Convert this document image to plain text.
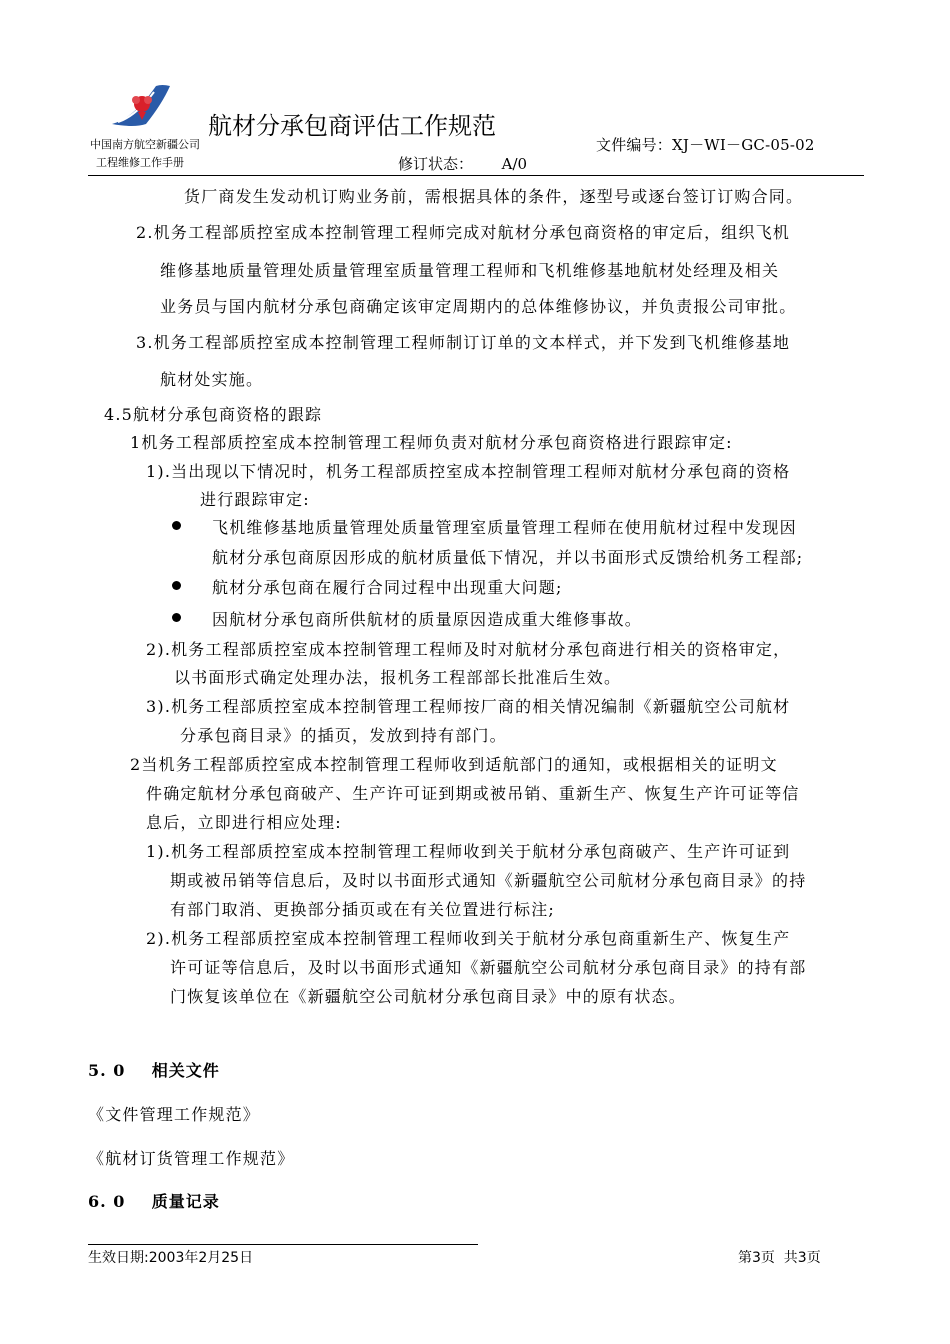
中国南方航空新疆公司
工程维修工作手册
航材分承包商评估工作规范
文件编号：XJ－WI－GC-05-02
修订状态：      A/0
货厂商发生发动机订购业务前，需根据具体的条件，逐型号或逐台签订订购合同。
2.机务工程部质控室成本控制管理工程师完成对航材分承包商资格的审定后，组织飞机
维修基地质量管理处质量管理室质量管理工程师和飞机维修基地航材处经理及相关
业务员与国内航材分承包商确定该审定周期内的总体维修协议，并负责报公司审批。
3.机务工程部质控室成本控制管理工程师制订订单的文本样式，并下发到飞机维修基地
航材处实施。
4.5航材分承包商资格的跟踪
1机务工程部质控室成本控制管理工程师负责对航材分承包商资格进行跟踪审定:
1).当出现以下情况时，机务工程部质控室成本控制管理工程师对航材分承包商的资格
进行跟踪审定:
飞机维修基地质量管理处质量管理室质量管理工程师在使用航材过程中发现因
航材分承包商原因形成的航材质量低下情况，并以书面形式反馈给机务工程部;
航材分承包商在履行合同过程中出现重大问题;
因航材分承包商所供航材的质量原因造成重大维修事故。
2).机务工程部质控室成本控制管理工程师及时对航材分承包商进行相关的资格审定，
以书面形式确定处理办法，报机务工程部部长批准后生效。
3).机务工程部质控室成本控制管理工程师按厂商的相关情况编制《新疆航空公司航材
分承包商目录》的插页，发放到持有部门。
2当机务工程部质控室成本控制管理工程师收到适航部门的通知，或根据相关的证明文
件确定航材分承包商破产、生产许可证到期或被吊销、重新生产、恢复生产许可证等信
息后，立即进行相应处理:
1).机务工程部质控室成本控制管理工程师收到关于航材分承包商破产、生产许可证到
期或被吊销等信息后，及时以书面形式通知《新疆航空公司航材分承包商目录》的持
有部门取消、更换部分插页或在有关位置进行标注;
2).机务工程部质控室成本控制管理工程师收到关于航材分承包商重新生产、恢复生产
许可证等信息后，及时以书面形式通知《新疆航空公司航材分承包商目录》的持有部
门恢复该单位在《新疆航空公司航材分承包商目录》中的原有状态。
5. 0    相关文件
《文件管理工作规范》
《航材订货管理工作规范》
6. 0    质量记录
生效日期:2003年2月25日	第3页  共3页
